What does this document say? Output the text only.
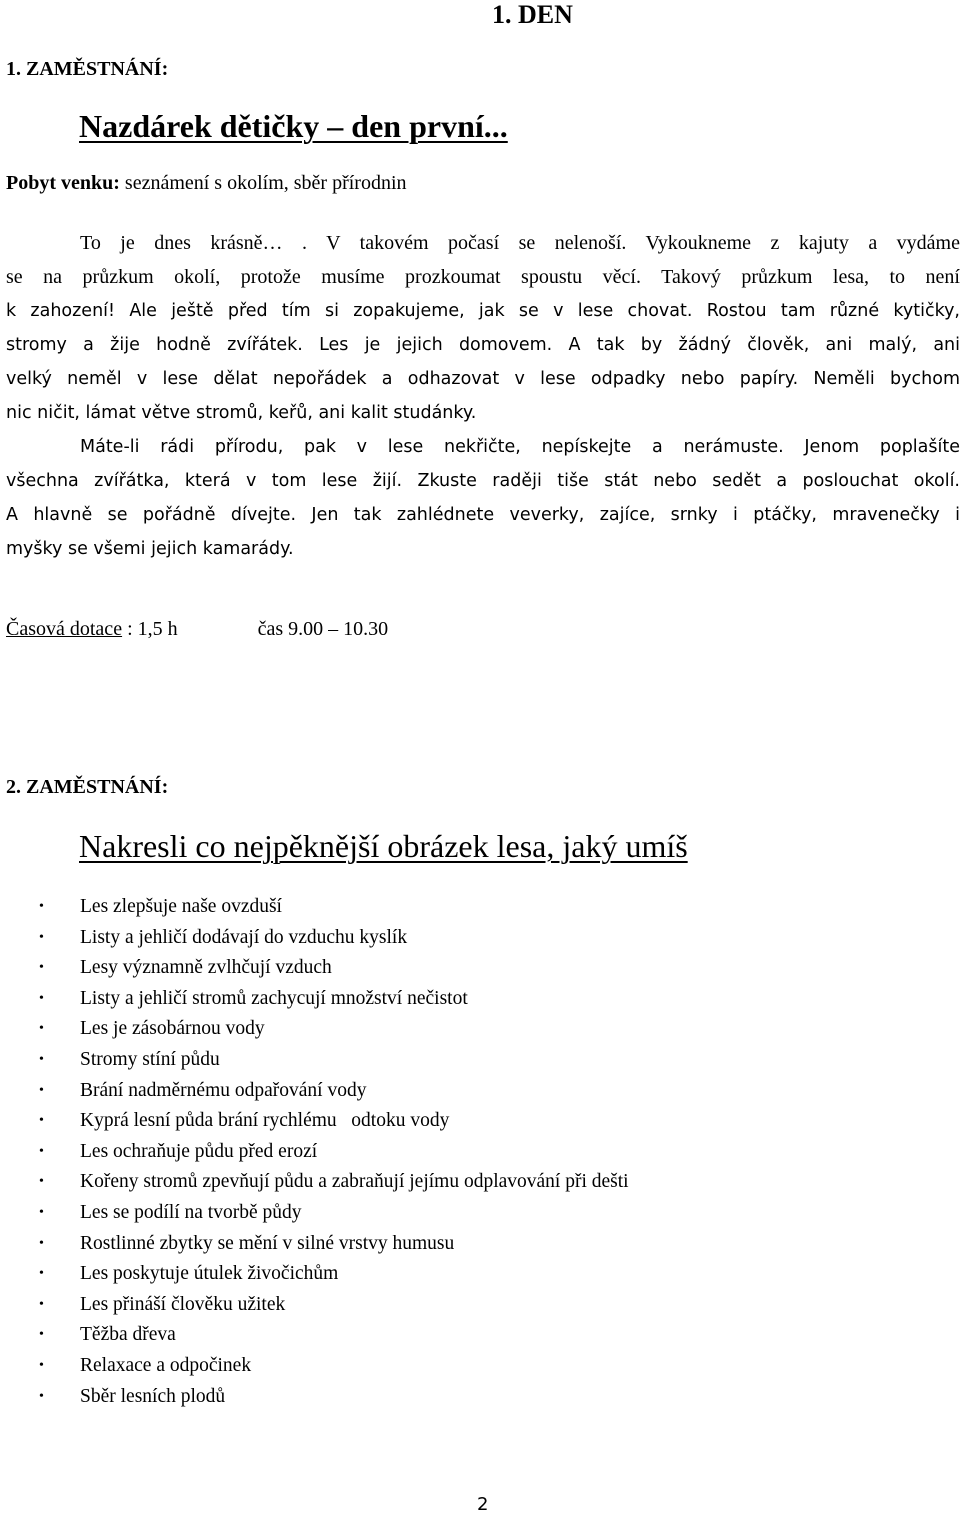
1. DEN
1. ZAMĚSTNÁNÍ:
Nazdárek dětičky – den první...
Pobyt venku: seznámení s okolím, sběr přírodnin
To je dnes krásně… . V takovém počasí se nelenoší. Vykoukneme z kajuty a vydáme
se na průzkum okolí, protože musíme prozkoumat spoustu věcí. Takový průzkum lesa, to není
k zahození! Ale ještě před tím si zopakujeme, jak se v lese chovat. Rostou tam různé kytičky,
stromy a žije hodně zvířátek. Les je jejich domovem. A tak by žádný člověk, ani malý, ani
velký neměl v lese dělat nepořádek a odhazovat v lese odpadky nebo papíry. Neměli bychom
nic ničit, lámat větve stromů, keřů, ani kalit studánky.
Máte-li rádi přírodu, pak v lese nekřičte, nepískejte a nerámuste. Jenom poplašíte
všechna zvířátka, která v tom lese žijí. Zkuste raději tiše stát nebo sedět a poslouchat okolí.
A hlavně se pořádně dívejte. Jen tak zahlédnete veverky, zajíce, srnky i ptáčky, mravenečky i
myšky se všemi jejich kamarády.
Časová dotace : 1,5 h	čas 9.00 – 10.30
2. ZAMĚSTNÁNÍ:
Nakresli co nejpěknější obrázek lesa, jaký umíš
• Les zlepšuje naše ovzduší
• Listy a jehličí dodávají do vzduchu kyslík
• Lesy významně zvlhčují vzduch
• Listy a jehličí stromů zachycují množství nečistot
• Les je zásobárnou vody
• Stromy stíní půdu
• Brání nadměrnému odpařování vody
• Kyprá lesní půda brání rychlému   odtoku vody
• Les ochraňuje půdu před erozí
• Kořeny stromů zpevňují půdu a zabraňují jejímu odplavování při dešti
• Les se podílí na tvorbě půdy
• Rostlinné zbytky se mění v silné vrstvy humusu
• Les poskytuje útulek živočichům
• Les přináší člověku užitek
• Těžba dřeva
• Relaxace a odpočinek
• Sběr lesních plodů
2
